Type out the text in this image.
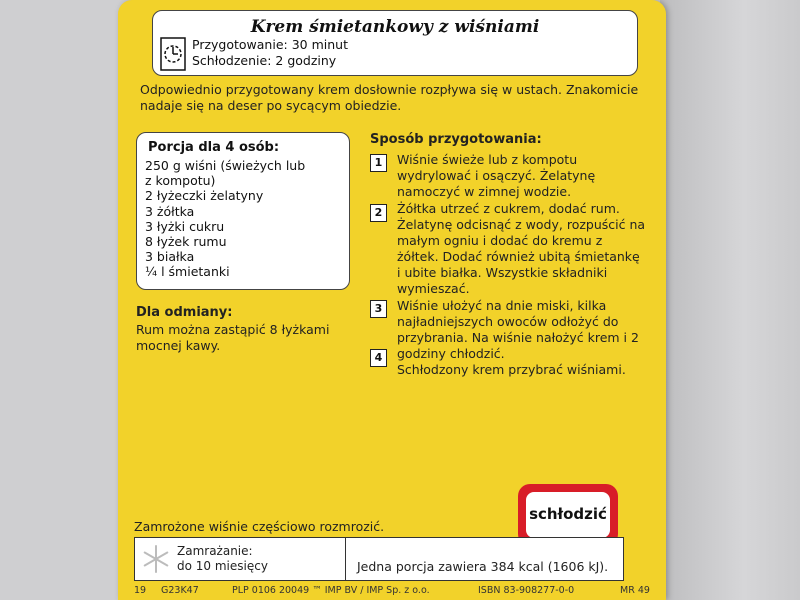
Krem śmietankowy z wiśniami
Przygotowanie: 30 minut
Schłodzenie: 2 godziny
Odpowiednio przygotowany krem dosłownie rozpływa się w ustach. Znakomicie nadaje się na deser po sycącym obiedzie.
Porcja dla 4 osób:
250 g wiśni (świeżych lub
z kompotu)
2 łyżeczki żelatyny
3 żółtka
3 łyżki cukru
8 łyżek rumu
3 białka
¼ l śmietanki
Dla odmiany:
Rum można zastąpić 8 łyżkami mocnej kawy.
Sposób przygotowania:
1	Wiśnie świeże lub z kompotu wydrylować i osączyć. Żelatynę namoczyć w zimnej wodzie.
2	Żółtka utrzeć z cukrem, dodać rum. Żelatynę odcisnąć z wody, rozpuścić na małym ogniu i dodać do kremu z żółtek. Dodać również ubitą śmietankę i ubite białka. Wszystkie składniki wymieszać.
3	Wiśnie ułożyć na dnie miski, kilka najładniejszych owoców odłożyć do przybrania. Na wiśnie nałożyć krem i 2 godziny chłodzić.
4
Schłodzony krem przybrać wiśniami.
schłodzić
Zamrożone wiśnie częściowo rozmrozić.
Zamrażanie:
do 10 miesięcy	Jedna porcja zawiera 384 kcal (1606 kJ).
19 G23K47	PLP 0106 20049 ™ IMP BV / IMP Sp. z o.o.	ISBN 83-908277-0-0	MR 49
